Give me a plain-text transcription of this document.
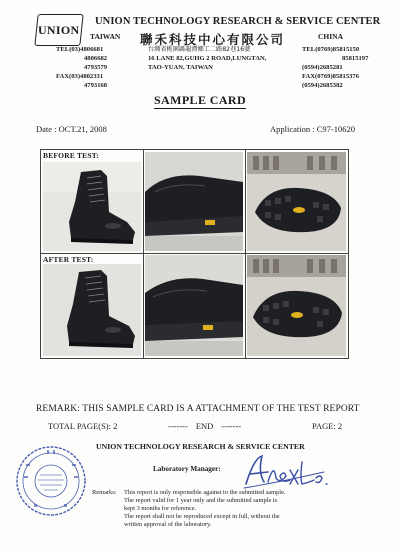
UNION
UNION TECHNOLOGY RESEARCH & SERVICE CENTER
TAIWAN 聯禾科技中心有限公司	CHINA
TEL(03)4806681
4806682
4793579
FAX(03)4802331
4793168
台灣省桃園縣龍潭鄉工二路82巷16號
16 LANE 82,GUHG 2 ROAD,LUNGTAN,
TAO-YUAN, TAIWAN
TEL(0769)85815150
85815197
(0594)2685281
FAX(0769)85815376
(0594)2685382
SAMPLE CARD
Date : OCT.21, 2008	Application : C97-10620
BEFORE TEST:
AFTER TEST:
REMARK: THIS SAMPLE CARD IS A ATTACHMENT OF THE TEST REPORT
TOTAL PAGE(S): 2	------- END -------	PAGE: 2
UNION TECHNOLOGY RESEARCH & SERVICE CENTER
Laboratory Manager:
Remarks: This report is only responsible against to the submitted sample.
The report valid for 1 year only and the submitted sample is
kept 3 months for reference.
The report shall not be reproduced except in full, without the
written approval of the laboratory.
